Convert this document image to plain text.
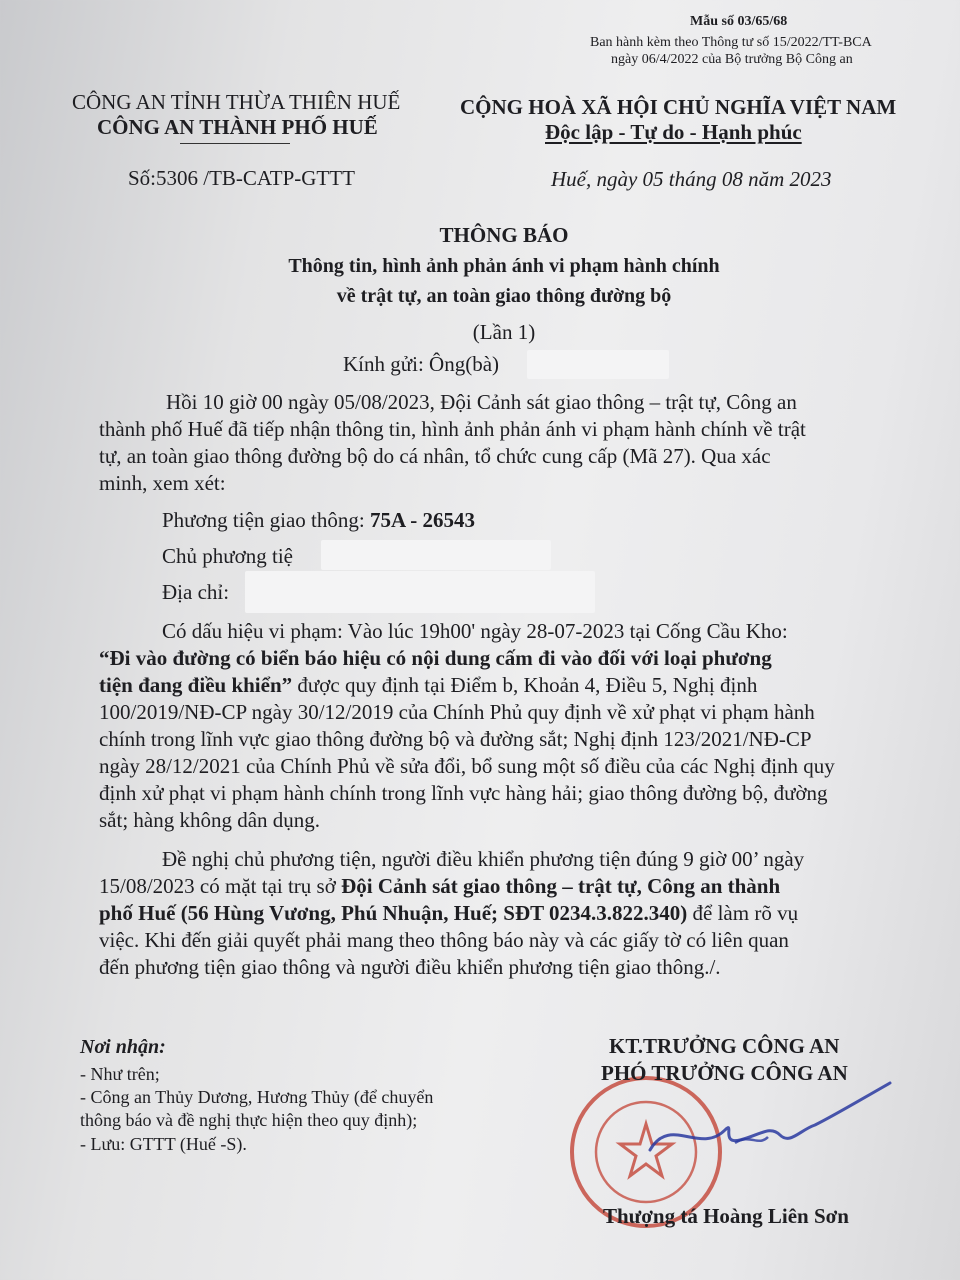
Mẫu số 03/65/68
Ban hành kèm theo Thông tư số 15/2022/TT-BCA
ngày 06/4/2022 của Bộ trưởng Bộ Công an
CÔNG AN TỈNH THỪA THIÊN HUẾ
CÔNG AN THÀNH PHỐ HUẾ
Số:5306 /TB-CATP-GTTT
CỘNG HOÀ XÃ HỘI CHỦ NGHĨA VIỆT NAM
Độc lập - Tự do - Hạnh phúc
Huế, ngày 05 tháng 08 năm 2023
THÔNG BÁO
Thông tin, hình ảnh phản ánh vi phạm hành chính
về trật tự, an toàn giao thông đường bộ
(Lần 1)
Kính gửi: Ông(bà)
Hồi 10 giờ 00 ngày 05/08/2023, Đội Cảnh sát giao thông – trật tự, Công an
thành phố Huế đã tiếp nhận thông tin, hình ảnh phản ánh vi phạm hành chính về trật
tự, an toàn giao thông đường bộ do cá nhân, tổ chức cung cấp (Mã 27). Qua xác
minh, xem xét:
Phương tiện giao thông: 75A - 26543
Chủ phương tiệ
Địa chỉ:
Có dấu hiệu vi phạm: Vào lúc 19h00' ngày 28-07-2023 tại Cống Cầu Kho:
“Đi vào đường có biển báo hiệu có nội dung cấm đi vào đối với loại phương
tiện đang điều khiển” được quy định tại Điểm b, Khoản 4, Điều 5, Nghị định
100/2019/NĐ-CP ngày 30/12/2019 của Chính Phủ quy định về xử phạt vi phạm hành
chính trong lĩnh vực giao thông đường bộ và đường sắt; Nghị định 123/2021/NĐ-CP
ngày 28/12/2021 của Chính Phủ về sửa đổi, bổ sung một số điều của các Nghị định quy
định xử phạt vi phạm hành chính trong lĩnh vực hàng hải; giao thông đường bộ, đường
sắt; hàng không dân dụng.
Đề nghị chủ phương tiện, người điều khiển phương tiện đúng 9 giờ 00’ ngày
15/08/2023 có mặt tại trụ sở Đội Cảnh sát giao thông – trật tự, Công an thành
phố Huế (56 Hùng Vương, Phú Nhuận, Huế; SĐT 0234.3.822.340) để làm rõ vụ
việc. Khi đến giải quyết phải mang theo thông báo này và các giấy tờ có liên quan
đến phương tiện giao thông và người điều khiển phương tiện giao thông./.
Nơi nhận:
- Như trên;
- Công an Thủy Dương, Hương Thủy (để chuyển
thông báo và đề nghị thực hiện theo quy định);
- Lưu: GTTT (Huế -S).
KT.TRƯỞNG CÔNG AN
PHÓ TRƯỞNG CÔNG AN
Thượng tá Hoàng Liên Sơn
